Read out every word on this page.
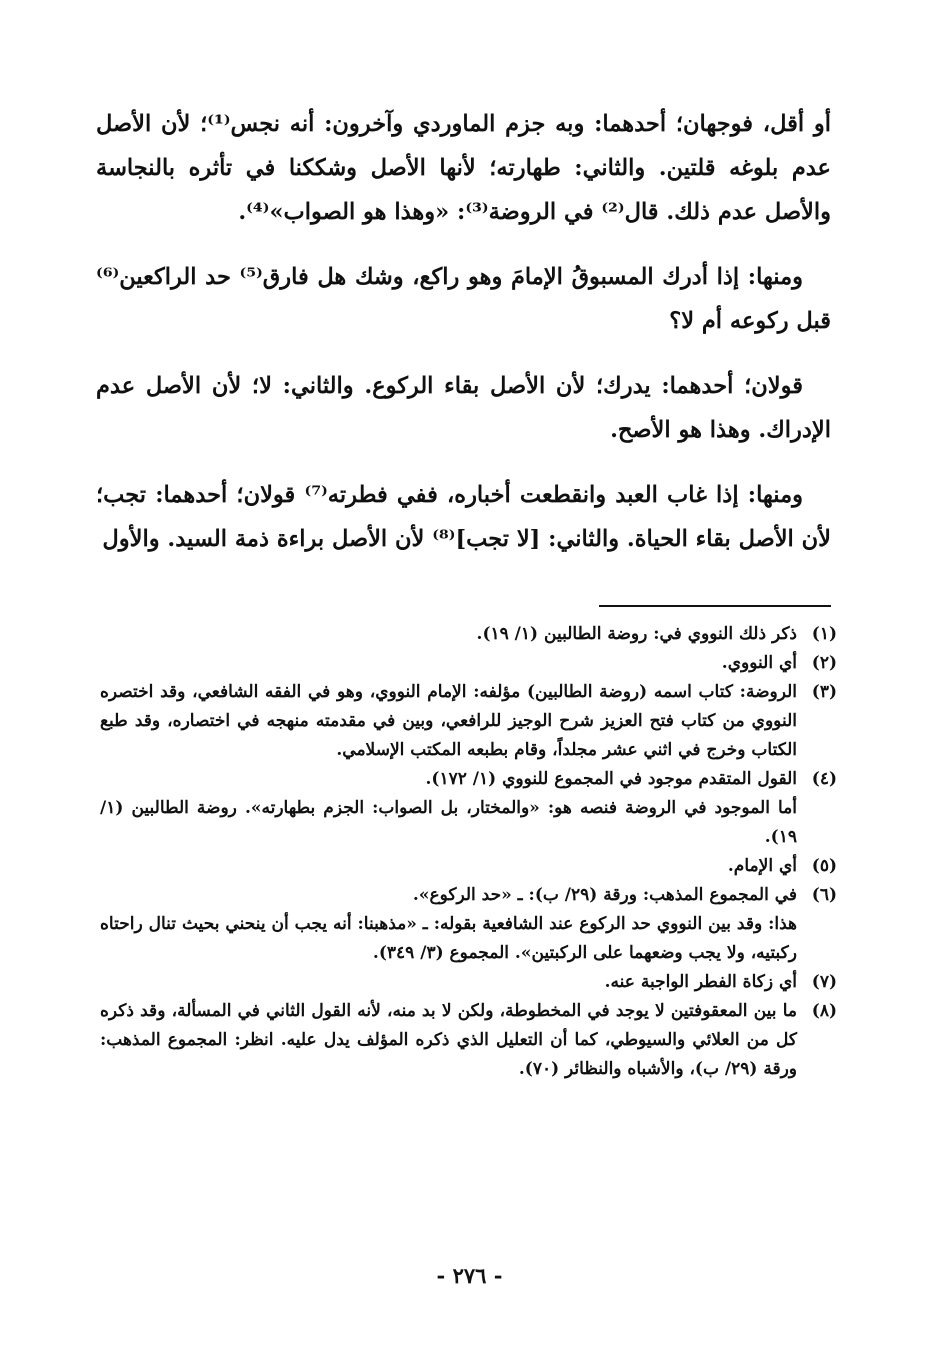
أو أقل، فوجهان؛ أحدهما: وبه جزم الماوردي وآخرون: أنه نجس⁽¹⁾؛ لأن الأصل عدم بلوغه قلتين. والثاني: طهارته؛ لأنها الأصل وشككنا في تأثره بالنجاسة والأصل عدم ذلك. قال⁽²⁾ في الروضة⁽³⁾: «وهذا هو الصواب»⁽⁴⁾.

ومنها: إذا أدرك المسبوقُ الإمامَ وهو راكع، وشك هل فارق⁽⁵⁾ حد الراكعين⁽⁶⁾ قبل ركوعه أم لا؟

قولان؛ أحدهما: يدرك؛ لأن الأصل بقاء الركوع. والثاني: لا؛ لأن الأصل عدم الإدراك. وهذا هو الأصح.

ومنها: إذا غاب العبد وانقطعت أخباره، ففي فطرته⁽⁷⁾ قولان؛ أحدهما: تجب؛ لأن الأصل بقاء الحياة. والثاني: [لا تجب]⁽⁸⁾ لأن الأصل براءة ذمة السيد. والأول

(١)
ذكر ذلك النووي في: روضة الطالبين (١/ ١٩).

(٢)
أي النووي.

(٣)
الروضة: كتاب اسمه (روضة الطالبين) مؤلفه: الإمام النووي، وهو في الفقه الشافعي، وقد اختصره النووي من كتاب فتح العزيز شرح الوجيز للرافعي، وبين في مقدمته منهجه في اختصاره، وقد طبع الكتاب وخرج في اثني عشر مجلداً، وقام بطبعه المكتب الإسلامي.

(٤)
القول المتقدم موجود في المجموع للنووي (١/ ١٧٢).

أما الموجود في الروضة فنصه هو: «والمختار، بل الصواب: الجزم بطهارته». روضة الطالبين (١/ ١٩).

(٥)
أي الإمام.

(٦)
في المجموع المذهب: ورقة (٢٩/ ب): ـ «حد الركوع».

هذا: وقد بين النووي حد الركوع عند الشافعية بقوله: ـ «مذهبنا: أنه يجب أن ينحني بحيث تنال راحتاه ركبتيه، ولا يجب وضعهما على الركبتين». المجموع (٣/ ٣٤٩).

(٧)
أي زكاة الفطر الواجبة عنه.

(٨)
ما بين المعقوفتين لا يوجد في المخطوطة، ولكن لا بد منه، لأنه القول الثاني في المسألة، وقد ذكره كل من العلائي والسيوطي، كما أن التعليل الذي ذكره المؤلف يدل عليه. انظر: المجموع المذهب: ورقة (٢٩/ ب)، والأشباه والنظائر (٧٠).

- ٢٧٦ -
